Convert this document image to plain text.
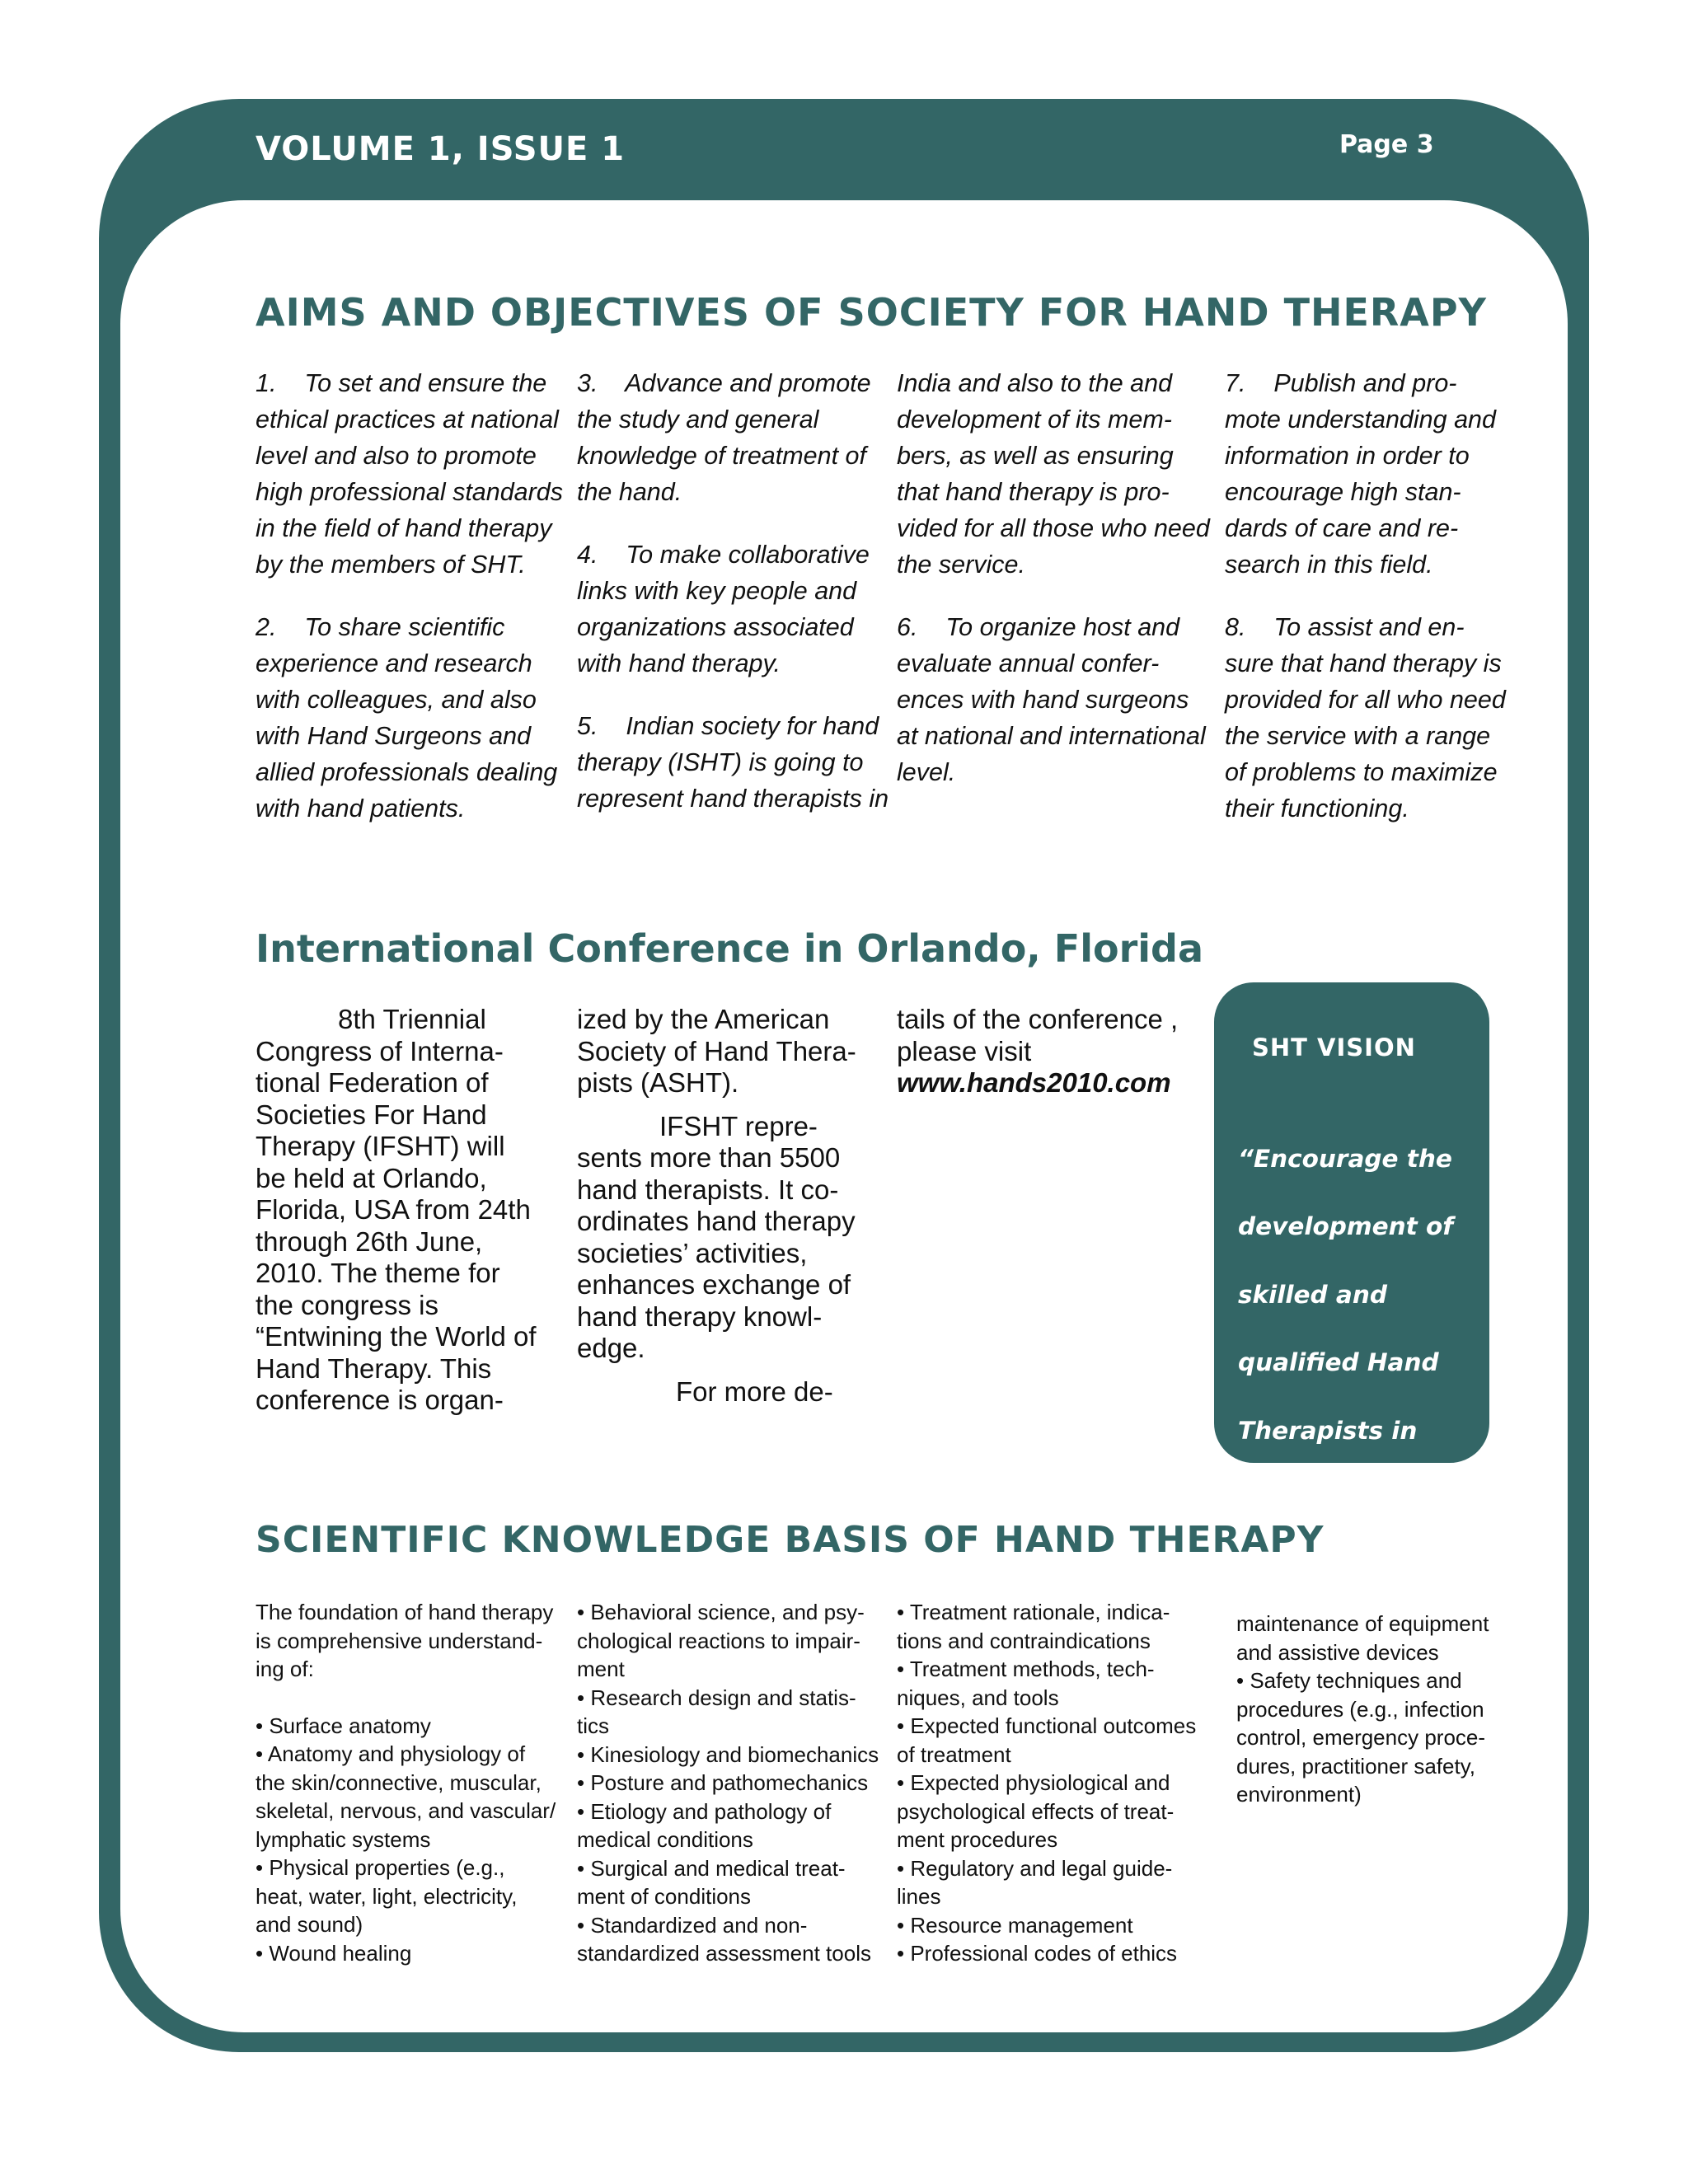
VOLUME 1, ISSUE 1	Page 3
AIMS AND OBJECTIVES OF SOCIETY FOR HAND THERAPY

1.    To set and ensure the

ethical practices at national

level and also to promote

high professional standards

in the field of hand therapy

by the members of SHT.

2.    To share scientific

experience and research

with colleagues, and also

with Hand Surgeons and

allied professionals dealing

with hand patients.

3.    Advance and promote

the study and general

knowledge of treatment of

the hand.

4.    To make collaborative

links with key people and

organizations associated

with hand therapy.

5.    Indian society for hand

therapy (ISHT) is going to

represent hand therapists in

India and also to the and

development of its mem-

bers, as well as ensuring

that hand therapy is pro-

vided for all those who need

the service.

6.    To organize host and

evaluate annual confer-

ences with hand surgeons

at national and international

level.

7.    Publish and pro-

mote understanding and

information in order to

encourage high stan-

dards of care and re-

search in this field.

8.    To assist and en-

sure that hand therapy is

provided for all who need

the service with a range

of problems to maximize

their functioning.

International Conference in Orlando, Florida
8th Triennial
Congress of Interna-
tional Federation of
Societies For Hand
Therapy (IFSHT) will
be held at Orlando,
Florida, USA from 24th
through 26th June,
2010. The theme for
the congress is
“Entwining the World of
Hand Therapy. This
conference is organ-

ized by the American

Society of Hand Thera-

pists (ASHT).

IFSHT repre-
sents more than 5500
hand therapists. It co-
ordinates hand therapy
societies’ activities,
enhances exchange of
hand therapy knowl-
edge.
For more de-

tails of the conference ,

please visit

www.hands2010.com
SHT VISION

“Encourage the

development of

skilled and

qualified Hand

Therapists in

India.”

SCIENTIFIC KNOWLEDGE BASIS OF HAND THERAPY

The foundation of hand therapy

is comprehensive understand-

ing of:

• Surface anatomy

• Anatomy and physiology of

the skin/connective, muscular,

skeletal, nervous, and vascular/

lymphatic systems

• Physical properties (e.g.,

heat, water, light, electricity,

and sound)

• Wound healing

• Behavioral science, and psy-

chological reactions to impair-

ment

• Research design and statis-

tics

• Kinesiology and biomechanics

• Posture and pathomechanics

• Etiology and pathology of

medical conditions

• Surgical and medical treat-

ment of conditions

• Standardized and non-

standardized assessment tools

• Treatment rationale, indica-

tions and contraindications

• Treatment methods, tech-

niques, and tools

• Expected functional outcomes

of treatment

• Expected physiological and

psychological effects of treat-

ment procedures

• Regulatory and legal guide-

lines

• Resource management

• Professional codes of ethics

maintenance of equipment

and assistive devices

• Safety techniques and

procedures (e.g., infection

control, emergency proce-

dures, practitioner safety,

environment)
